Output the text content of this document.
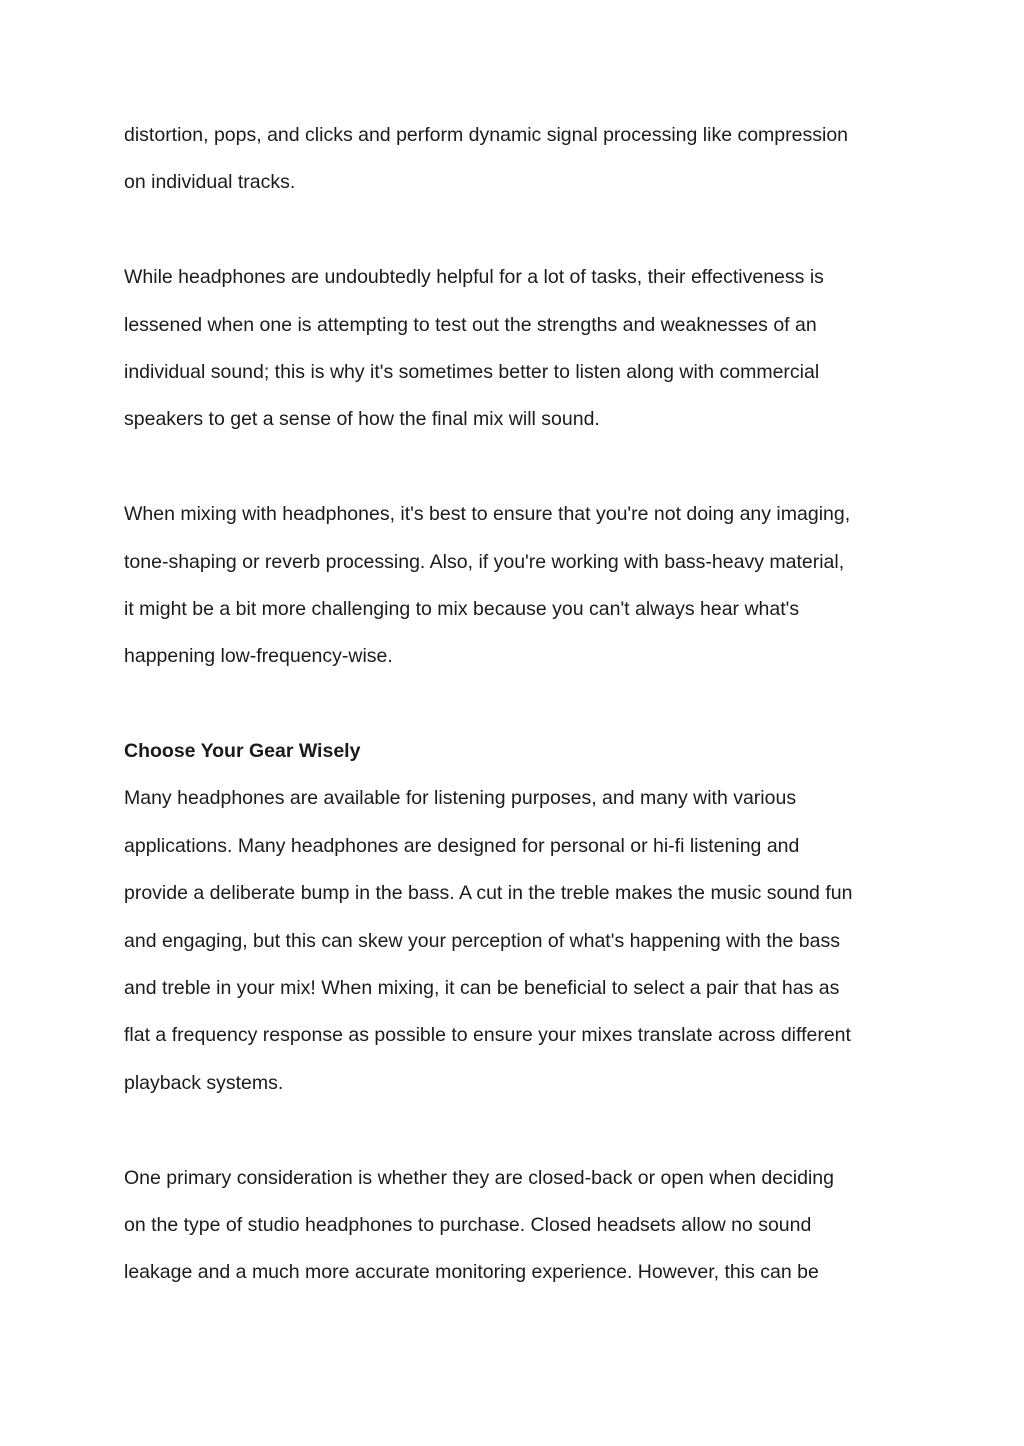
distortion, pops, and clicks and perform dynamic signal processing like compression
on individual tracks.
While headphones are undoubtedly helpful for a lot of tasks, their effectiveness is
lessened when one is attempting to test out the strengths and weaknesses of an
individual sound; this is why it's sometimes better to listen along with commercial
speakers to get a sense of how the final mix will sound.
When mixing with headphones, it's best to ensure that you're not doing any imaging,
tone-shaping or reverb processing. Also, if you're working with bass-heavy material,
it might be a bit more challenging to mix because you can't always hear what's
happening low-frequency-wise.
Choose Your Gear Wisely
Many headphones are available for listening purposes, and many with various
applications. Many headphones are designed for personal or hi-fi listening and
provide a deliberate bump in the bass. A cut in the treble makes the music sound fun
and engaging, but this can skew your perception of what's happening with the bass
and treble in your mix! When mixing, it can be beneficial to select a pair that has as
flat a frequency response as possible to ensure your mixes translate across different
playback systems.
One primary consideration is whether they are closed-back or open when deciding
on the type of studio headphones to purchase. Closed headsets allow no sound
leakage and a much more accurate monitoring experience. However, this can be
